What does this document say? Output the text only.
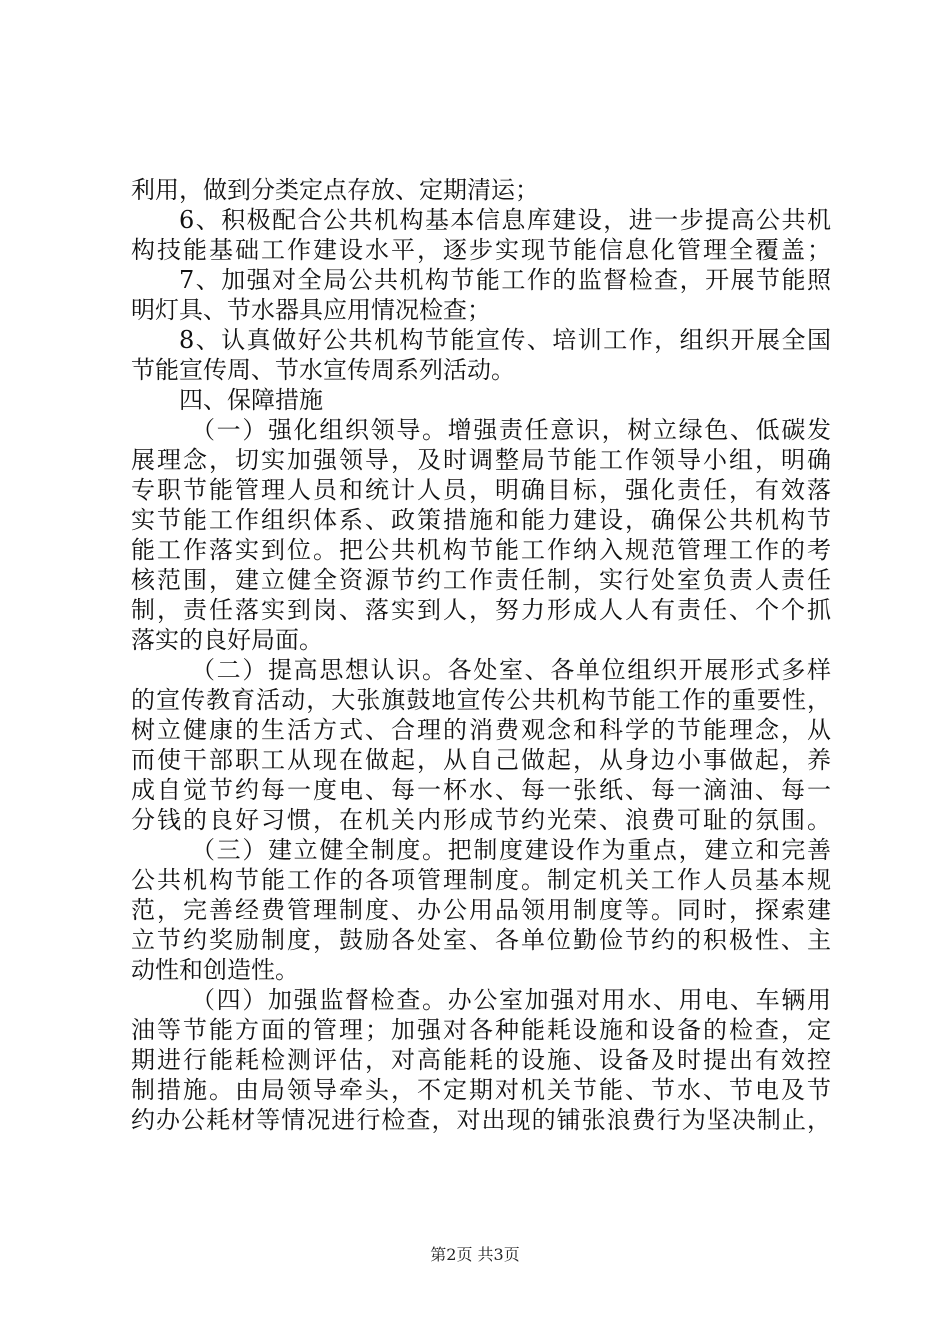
利用，做到分类定点存放、定期清运；
6、积极配合公共机构基本信息库建设，进一步提高公共机
构技能基础工作建设水平，逐步实现节能信息化管理全覆盖；
7、加强对全局公共机构节能工作的监督检查，开展节能照
明灯具、节水器具应用情况检查；
8、认真做好公共机构节能宣传、培训工作，组织开展全国
节能宣传周、节水宣传周系列活动。
四、保障措施
（一）强化组织领导。增强责任意识，树立绿色、低碳发
展理念，切实加强领导，及时调整局节能工作领导小组，明确
专职节能管理人员和统计人员，明确目标，强化责任，有效落
实节能工作组织体系、政策措施和能力建设，确保公共机构节
能工作落实到位。把公共机构节能工作纳入规范管理工作的考
核范围，建立健全资源节约工作责任制，实行处室负责人责任
制，责任落实到岗、落实到人，努力形成人人有责任、个个抓
落实的良好局面。
（二）提高思想认识。各处室、各单位组织开展形式多样
的宣传教育活动，大张旗鼓地宣传公共机构节能工作的重要性，
树立健康的生活方式、合理的消费观念和科学的节能理念，从
而使干部职工从现在做起，从自己做起，从身边小事做起，养
成自觉节约每一度电、每一杯水、每一张纸、每一滴油、每一
分钱的良好习惯，在机关内形成节约光荣、浪费可耻的氛围。
（三）建立健全制度。把制度建设作为重点，建立和完善
公共机构节能工作的各项管理制度。制定机关工作人员基本规
范，完善经费管理制度、办公用品领用制度等。同时，探索建
立节约奖励制度，鼓励各处室、各单位勤俭节约的积极性、主
动性和创造性。
（四）加强监督检查。办公室加强对用水、用电、车辆用
油等节能方面的管理；加强对各种能耗设施和设备的检查，定
期进行能耗检测评估，对高能耗的设施、设备及时提出有效控
制措施。由局领导牵头，不定期对机关节能、节水、节电及节
约办公耗材等情况进行检查，对出现的铺张浪费行为坚决制止，
第2页 共3页
